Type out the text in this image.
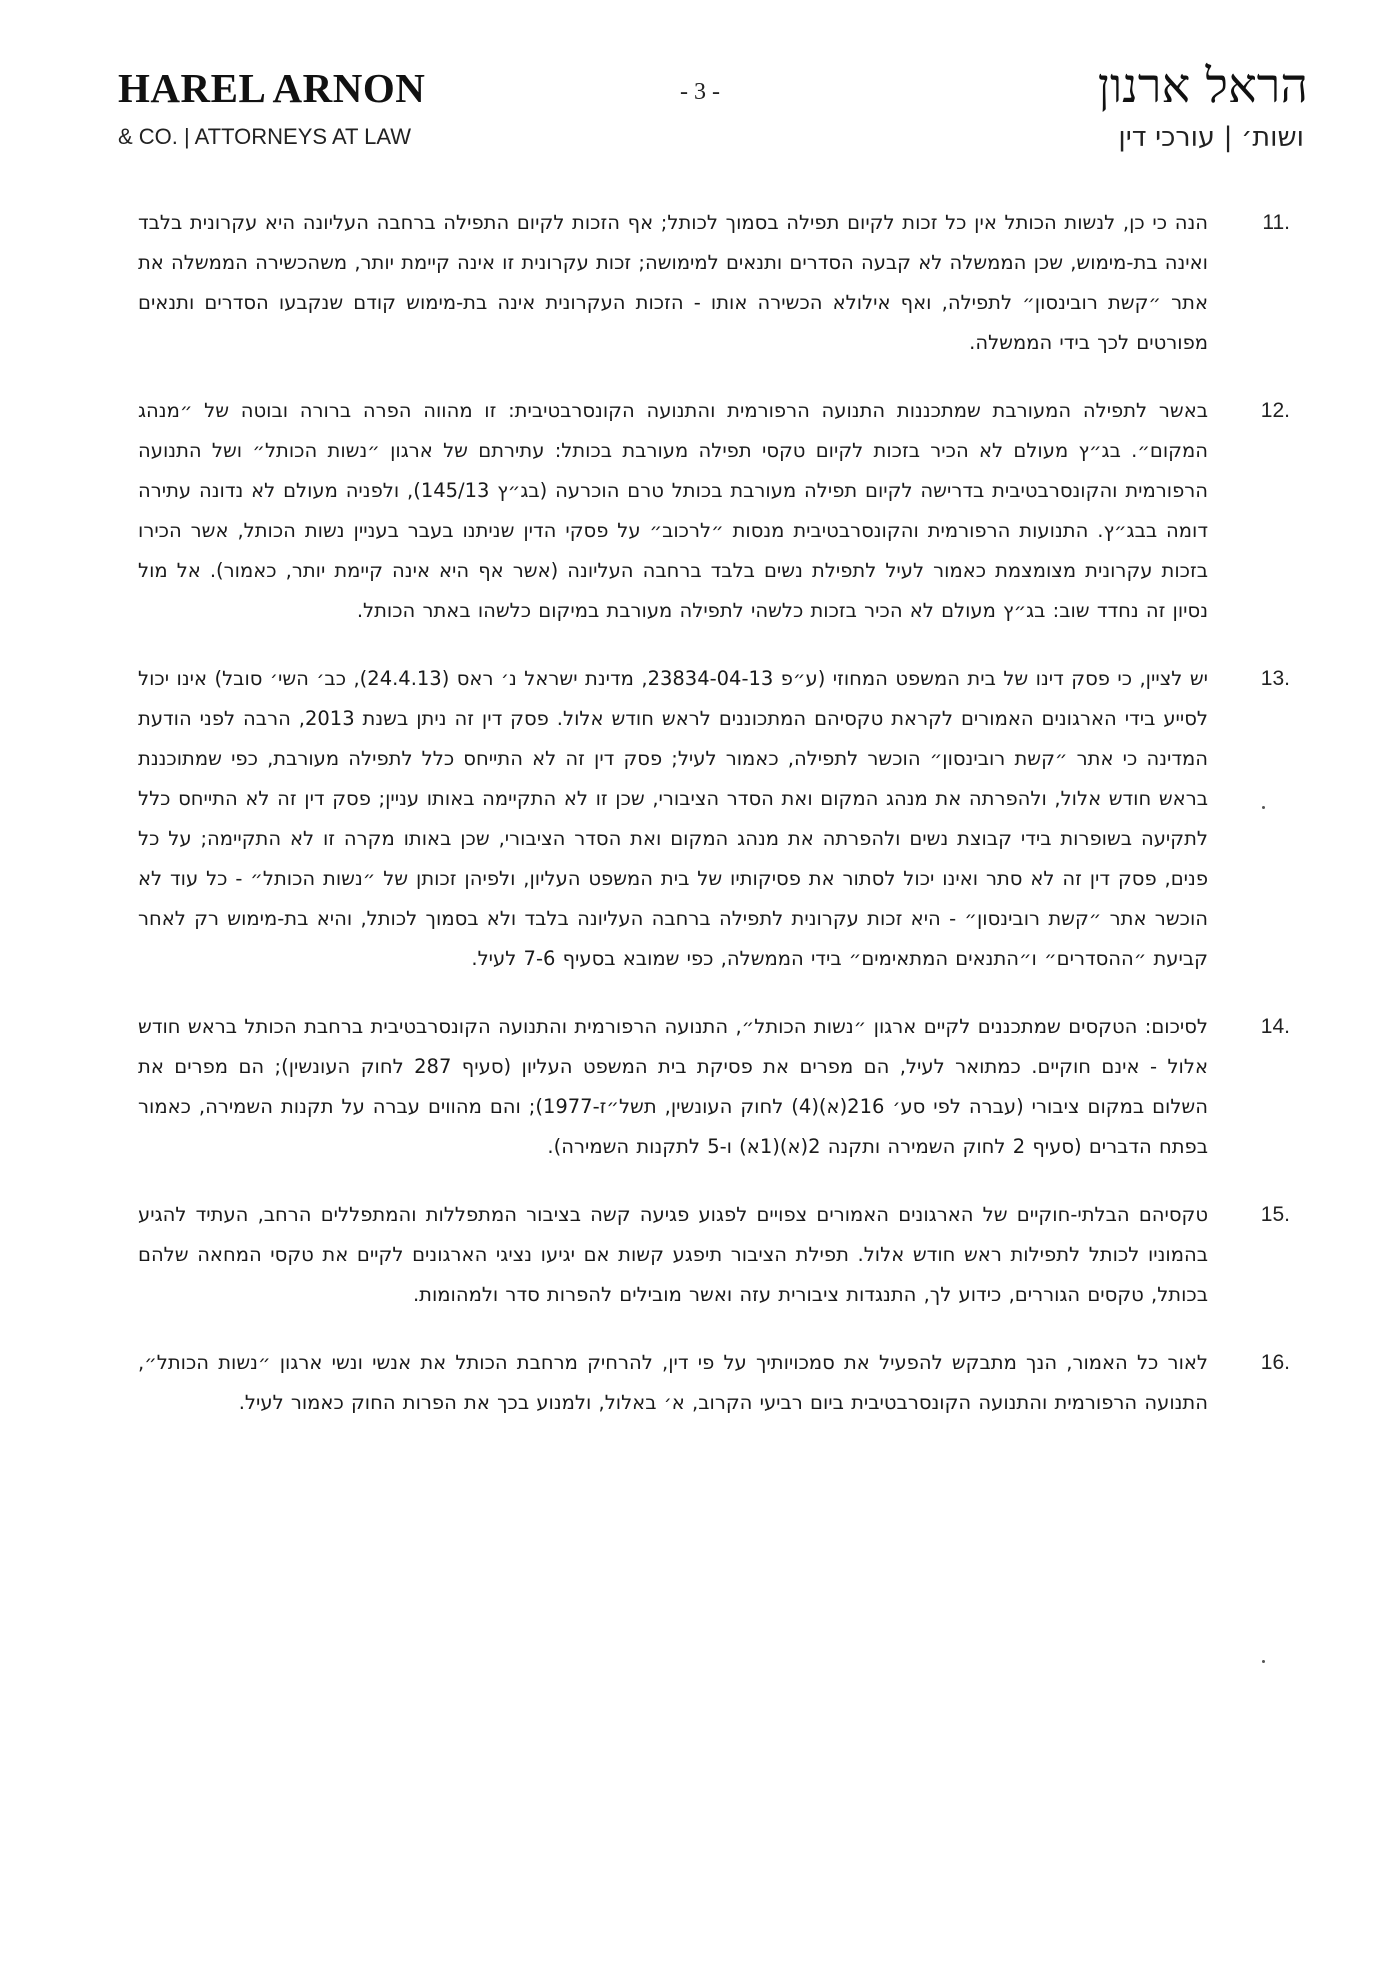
HAREL ARNON
& CO. | ATTORNEYS AT LAW
- 3 -	הראל ארנון
ושות׳ | עורכי דין
11.

הנה כי כן, לנשות הכותל אין כל זכות לקיום תפילה בסמוך לכותל; אף הזכות לקיום התפילה ברחבה העליונה היא עקרונית בלבד ואינה בת-מימוש, שכן הממשלה לא קבעה הסדרים ותנאים למימושה; זכות עקרונית זו אינה קיימת יותר, משהכשירה הממשלה את אתר ״קשת רובינסון״ לתפילה, ואף אילולא הכשירה אותו - הזכות העקרונית אינה בת-מימוש קודם שנקבעו הסדרים ותנאים מפורטים לכך בידי הממשלה.

12.

באשר לתפילה המעורבת שמתכננות התנועה הרפורמית והתנועה הקונסרבטיבית: זו מהווה הפרה ברורה ובוטה של ״מנהג המקום״. בג״ץ מעולם לא הכיר בזכות לקיום טקסי תפילה מעורבת בכותל: עתירתם של ארגון ״נשות הכותל״ ושל התנועה הרפורמית והקונסרבטיבית בדרישה לקיום תפילה מעורבת בכותל טרם הוכרעה (בג״ץ 145/13), ולפניה מעולם לא נדונה עתירה דומה בבג״ץ. התנועות הרפורמית והקונסרבטיבית מנסות ״לרכוב״ על פסקי הדין שניתנו בעבר בעניין נשות הכותל, אשר הכירו בזכות עקרונית מצומצמת כאמור לעיל לתפילת נשים בלבד ברחבה העליונה (אשר אף היא אינה קיימת יותר, כאמור). אל מול נסיון זה נחדד שוב: בג״ץ מעולם לא הכיר בזכות כלשהי לתפילה מעורבת במיקום כלשהו באתר הכותל.

13.

יש לציין, כי פסק דינו של בית המשפט המחוזי (ע״פ 23834-04-13, מדינת ישראל נ׳ ראס (24.4.13), כב׳ השי׳ סובל) אינו יכול לסייע בידי הארגונים האמורים לקראת טקסיהם המתכוננים לראש חודש אלול. פסק דין זה ניתן בשנת 2013, הרבה לפני הודעת המדינה כי אתר ״קשת רובינסון״ הוכשר לתפילה, כאמור לעיל; פסק דין זה לא התייחס כלל לתפילה מעורבת, כפי שמתוכננת בראש חודש אלול, ולהפרתה את מנהג המקום ואת הסדר הציבורי, שכן זו לא התקיימה באותו עניין; פסק דין זה לא התייחס כלל לתקיעה בשופרות בידי קבוצת נשים ולהפרתה את מנהג המקום ואת הסדר הציבורי, שכן באותו מקרה זו לא התקיימה; על כל פנים, פסק דין זה לא סתר ואינו יכול לסתור את פסיקותיו של בית המשפט העליון, ולפיהן זכותן של ״נשות הכותל״ - כל עוד לא הוכשר אתר ״קשת רובינסון״ - היא זכות עקרונית לתפילה ברחבה העליונה בלבד ולא בסמוך לכותל, והיא בת-מימוש רק לאחר קביעת ״ההסדרים״ ו״התנאים המתאימים״ בידי הממשלה, כפי שמובא בסעיף 7-6 לעיל.

14.

לסיכום: הטקסים שמתכננים לקיים ארגון ״נשות הכותל״, התנועה הרפורמית והתנועה הקונסרבטיבית ברחבת הכותל בראש חודש אלול - אינם חוקיים. כמתואר לעיל, הם מפרים את פסיקת בית המשפט העליון (סעיף 287 לחוק העונשין); הם מפרים את השלום במקום ציבורי (עברה לפי סע׳ 216(א)(4) לחוק העונשין, תשל״ז-1977); והם מהווים עברה על תקנות השמירה, כאמור בפתח הדברים (סעיף 2 לחוק השמירה ותקנה 2(א)(1א) ו-5 לתקנות השמירה).

15.

טקסיהם הבלתי-חוקיים של הארגונים האמורים צפויים לפגוע פגיעה קשה בציבור המתפללות והמתפללים הרחב, העתיד להגיע בהמוניו לכותל לתפילות ראש חודש אלול. תפילת הציבור תיפגע קשות אם יגיעו נציגי הארגונים לקיים את טקסי המחאה שלהם בכותל, טקסים הגוררים, כידוע לך, התנגדות ציבורית עזה ואשר מובילים להפרות סדר ולמהומות.

16.

לאור כל האמור, הנך מתבקש להפעיל את סמכויותיך על פי דין, להרחיק מרחבת הכותל את אנשי ונשי ארגון ״נשות הכותל״, התנועה הרפורמית והתנועה הקונסרבטיבית ביום רביעי הקרוב, א׳ באלול, ולמנוע בכך את הפרות החוק כאמור לעיל.
